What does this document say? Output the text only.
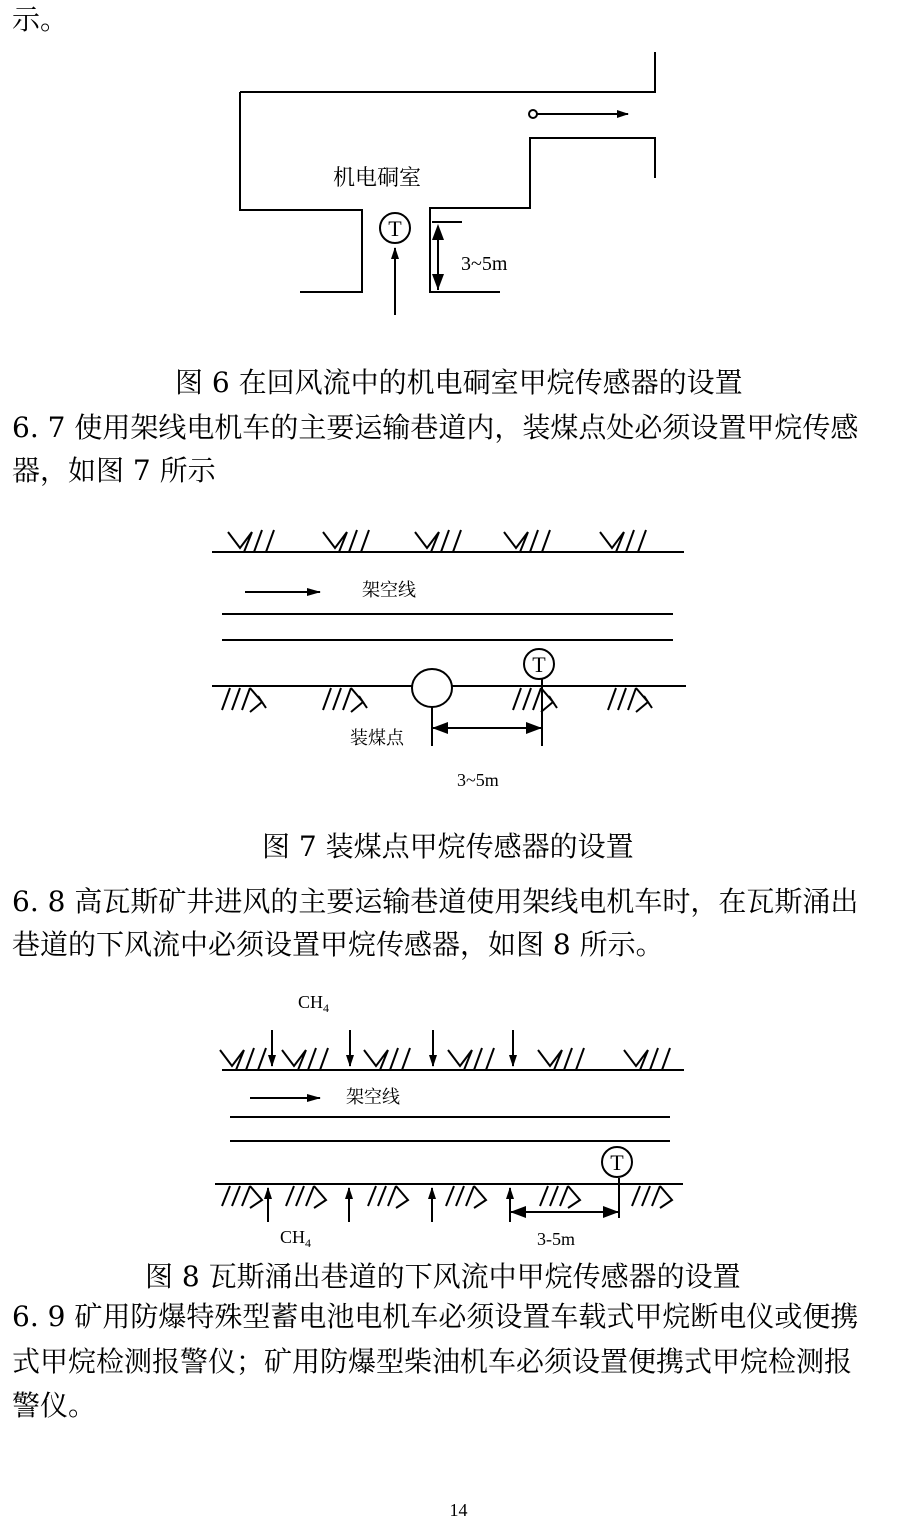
示。

T
机电硐室
3~5m

图 6 在回风流中的机电硐室甲烷传感器的设置

6. 7 使用架线电机车的主要运输巷道内，装煤点处必须设置甲烷传感

器，如图 7 所示

T
架空线
装煤点
3~5m

图 7 装煤点甲烷传感器的设置

6. 8 高瓦斯矿井进风的主要运输巷道使用架线电机车时，在瓦斯涌出

巷道的下风流中必须设置甲烷传感器，如图 8 所示。

T
$CH_4$
$CH_4$
架空线
3-5m

图 8 瓦斯涌出巷道的下风流中甲烷传感器的设置

6. 9 矿用防爆特殊型蓄电池电机车必须设置车载式甲烷断电仪或便携

式甲烷检测报警仪；矿用防爆型柴油机车必须设置便携式甲烷检测报

警仪。

14
